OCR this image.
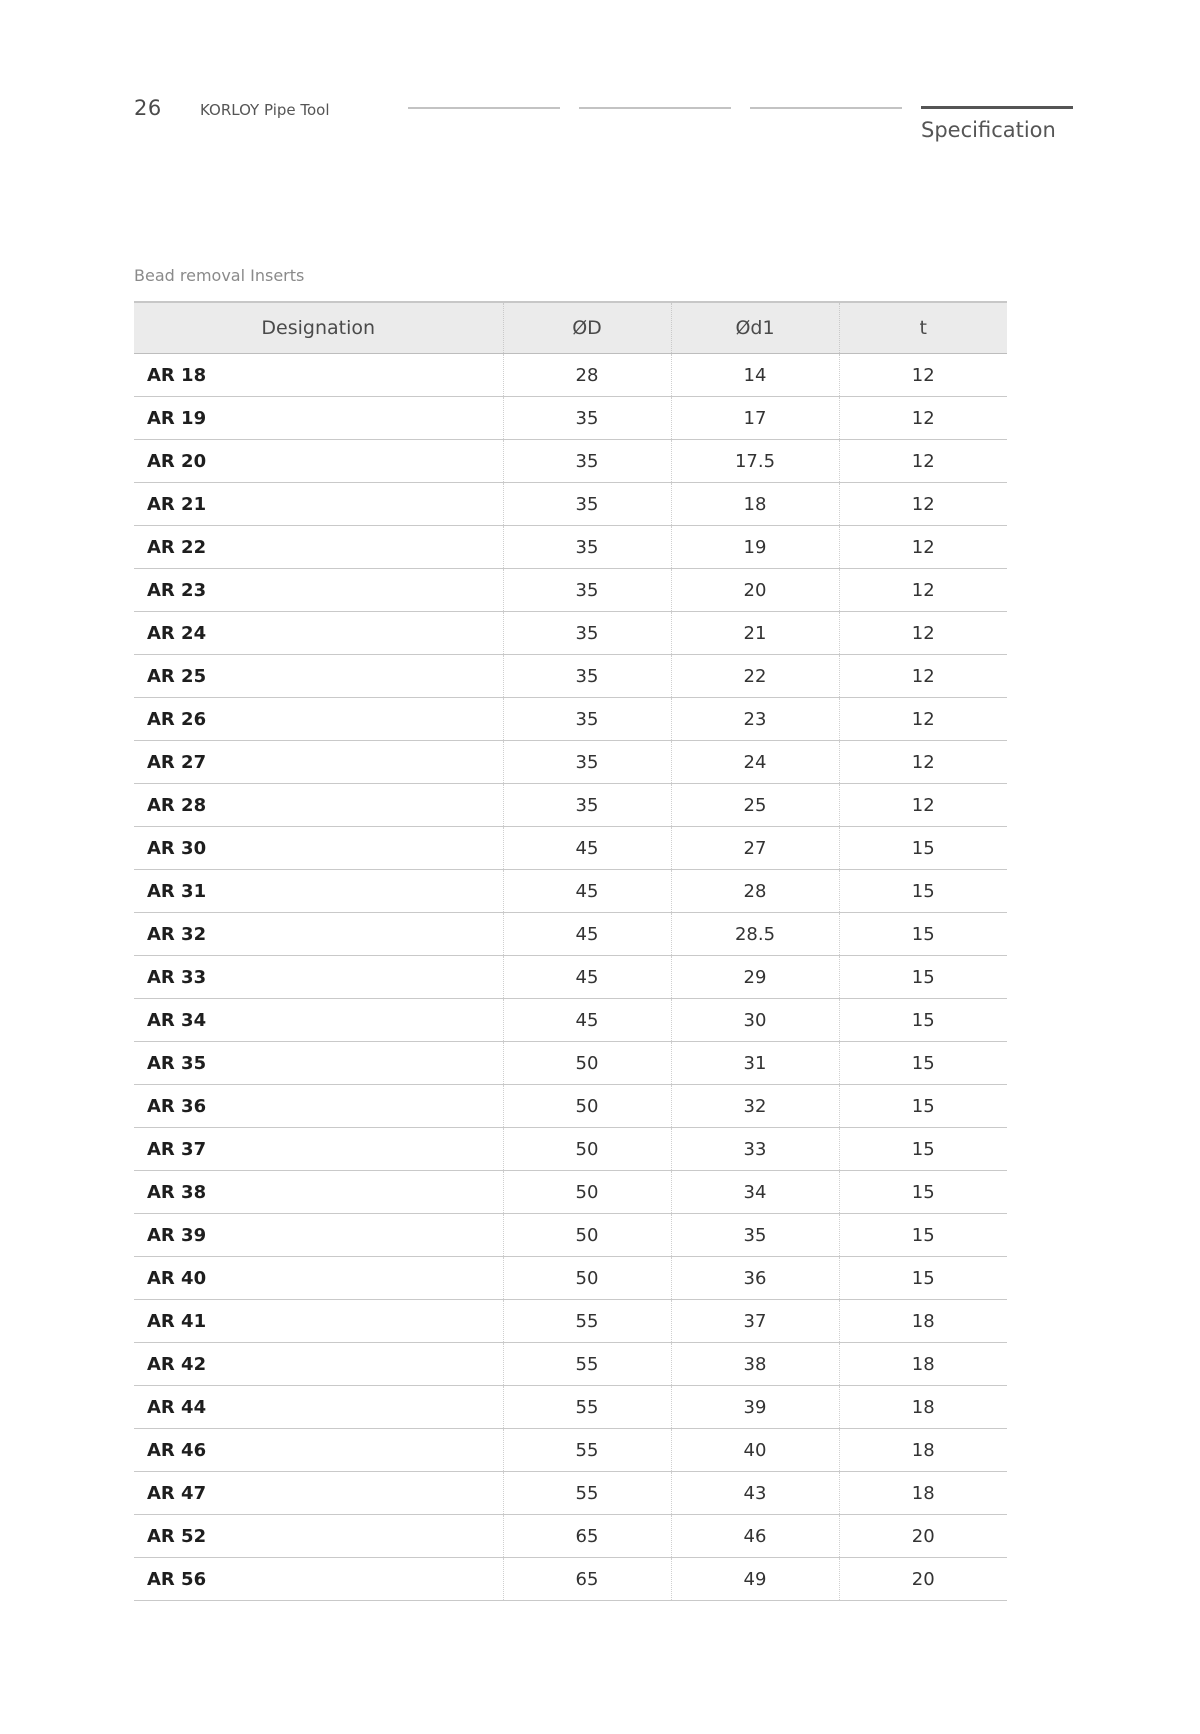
26	KORLOY Pipe Tool
Specification
Bead removal Inserts
Designation	ØD	Ød1	t
AR 18	28	14	12
AR 19	35	17	12
AR 20	35	17.5	12
AR 21	35	18	12
AR 22	35	19	12
AR 23	35	20	12
AR 24	35	21	12
AR 25	35	22	12
AR 26	35	23	12
AR 27	35	24	12
AR 28	35	25	12
AR 30	45	27	15
AR 31	45	28	15
AR 32	45	28.5	15
AR 33	45	29	15
AR 34	45	30	15
AR 35	50	31	15
AR 36	50	32	15
AR 37	50	33	15
AR 38	50	34	15
AR 39	50	35	15
AR 40	50	36	15
AR 41	55	37	18
AR 42	55	38	18
AR 44	55	39	18
AR 46	55	40	18
AR 47	55	43	18
AR 52	65	46	20
AR 56	65	49	20
